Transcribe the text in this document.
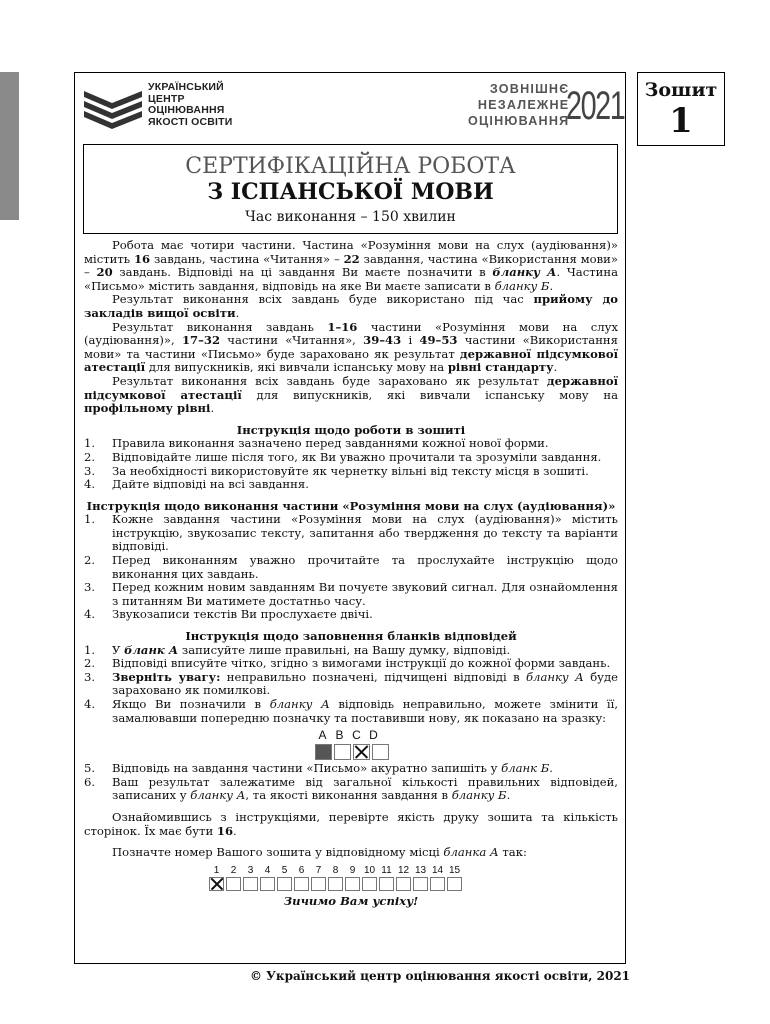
УКРАЇНСЬКИЙ
ЦЕНТР
ОЦІНЮВАННЯ
ЯКОСТІ ОСВІТИ
ЗОВНІШНЄ
НЕЗАЛЕЖНЕ
ОЦІНЮВАННЯ
2021	Зошит
1
СЕРТИФІКАЦІЙНА РОБОТА
З ІСПАНСЬКОЇ МОВИ
Час виконання – 150 хвилин

Робота має чотири частини. Частина «Розуміння мови на слух (аудіювання)» містить 16 завдань, частина «Читання» – 22 завдання, частина «Використання мови» – 20 завдань. Відповіді на ці завдання Ви маєте позначити в бланку А. Частина «Письмо» містить завдання, відповідь на яке Ви маєте записати в бланку Б.

Результат виконання всіх завдань буде використано під час прийому до закладів вищої освіти.

Результат виконання завдань 1–16 частини «Розуміння мови на слух (аудіювання)», 17–32 частини «Читання», 39–43 і 49–53 частини «Використання мови» та частини «Письмо» буде зараховано як результат державної підсумкової атестації для випускників, які вивчали іспанську мову на рівні стандарту.

Результат виконання всіх завдань буде зараховано як результат державної підсумкової атестації для випускників, які вивчали іспанську мову на профільному рівні.

Інструкція щодо роботи в зошиті
1. Правила виконання зазначено перед завданнями кожної нової форми.
2. Відповідайте лише після того, як Ви уважно прочитали та зрозуміли завдання.
3. За необхідності використовуйте як чернетку вільні від тексту місця в зошиті.
4. Дайте відповіді на всі завдання.
Інструкція щодо виконання частини «Розуміння мови на слух (аудіювання)»
1. Кожне завдання частини «Розуміння мови на слух (аудіювання)» містить інструкцію, звукозапис тексту, запитання або твердження до тексту та варіанти відповіді.
2. Перед виконанням уважно прочитайте та прослухайте інструкцію щодо виконання цих завдань.
3. Перед кожним новим завданням Ви почуєте звуковий сигнал. Для ознайомлення з питанням Ви матимете достатньо часу.
4. Звукозаписи текстів Ви прослухаєте двічі.
Інструкція щодо заповнення бланків відповідей
1. У бланк А записуйте лише правильні, на Вашу думку, відповіді.
2. Відповіді вписуйте чітко, згідно з вимогами інструкції до кожної форми завдань.
3. Зверніть увагу: неправильно позначені, підчищені відповіді в бланку А буде зараховано як помилкові.
4. Якщо Ви позначили в бланку А відповідь неправильно, можете змінити її, замалювавши попередню позначку та поставивши нову, як показано на зразку:
A B C D
5. Відповідь на завдання частини «Письмо» акуратно запишіть у бланк Б.
6. Ваш результат залежатиме від загальної кількості правильних відповідей, записаних у бланку А, та якості виконання завдання в бланку Б.

Ознайомившись з інструкціями, перевірте якість друку зошита та кількість сторінок. Їх має бути 16.

Позначте номер Вашого зошита у відповідному місці бланка А так:

1	2	3	4	5	6	7	8	9 10 11 12 13 14 15
Зичимо Вам успіху!
© Український центр оцінювання якості освіти, 2021
